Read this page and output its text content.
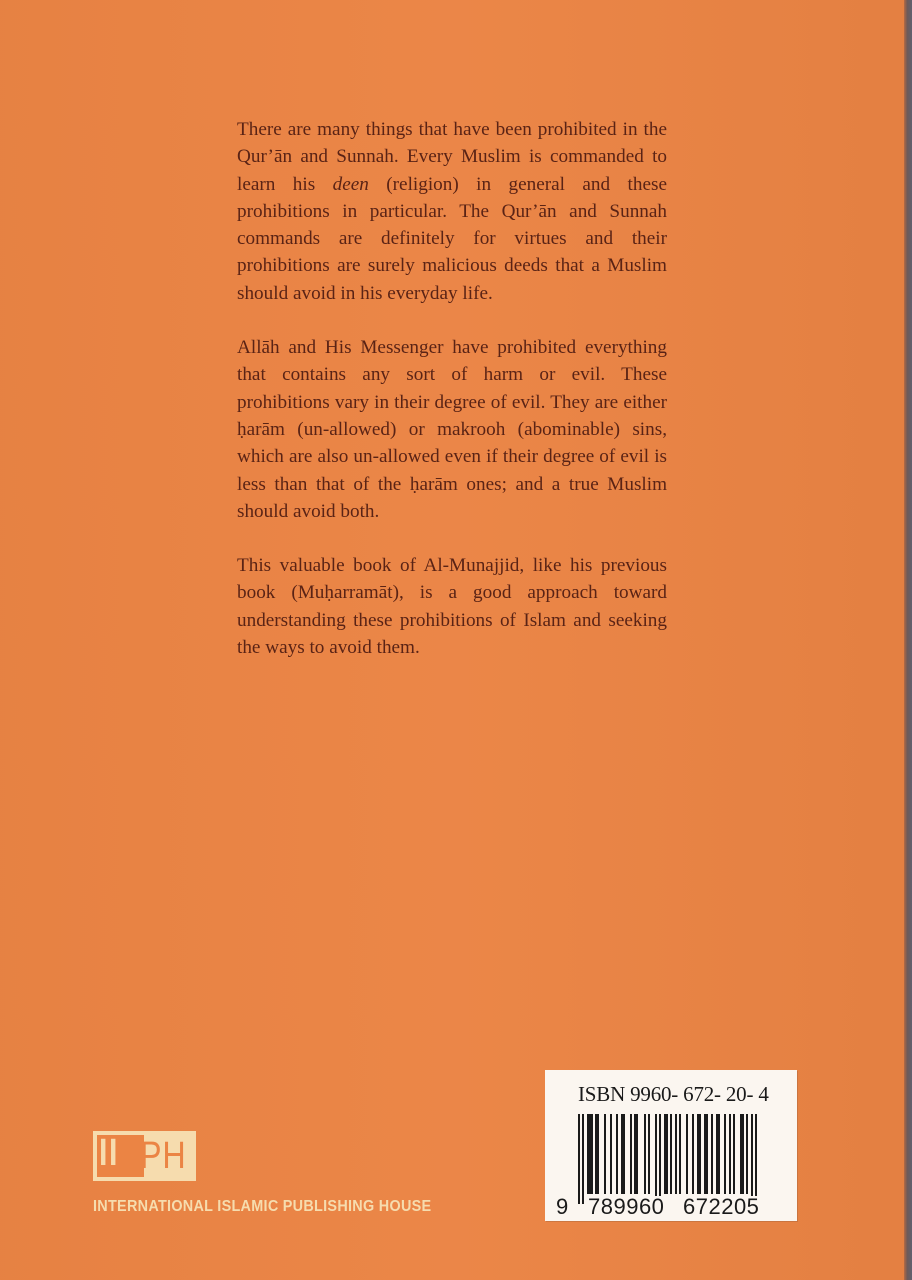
There are many things that have been prohibited in the Qur’ān and Sunnah. Every Muslim is commanded to learn his deen (religion) in general and these prohibitions in particular. The Qur’ān and Sunnah commands are definitely for virtues and their prohibitions are surely malicious deeds that a Muslim should avoid in his everyday life.

Allāh and His Messenger have prohibited everything that contains any sort of harm or evil. These prohibitions vary in their degree of evil. They are either ḥarām (un-allowed) or makrooh (abominable) sins, which are also un-allowed even if their degree of evil is less than that of the ḥarām ones; and a true Muslim should avoid both.

This valuable book of Al-Munajjid, like his previous book (Muḥarramāt), is a good approach toward understanding these prohibitions of Islam and seeking the ways to avoid them.

II PH
INTERNATIONAL ISLAMIC PUBLISHING HOUSE
ISBN 9960- 672- 20- 4
9 789960 672205
